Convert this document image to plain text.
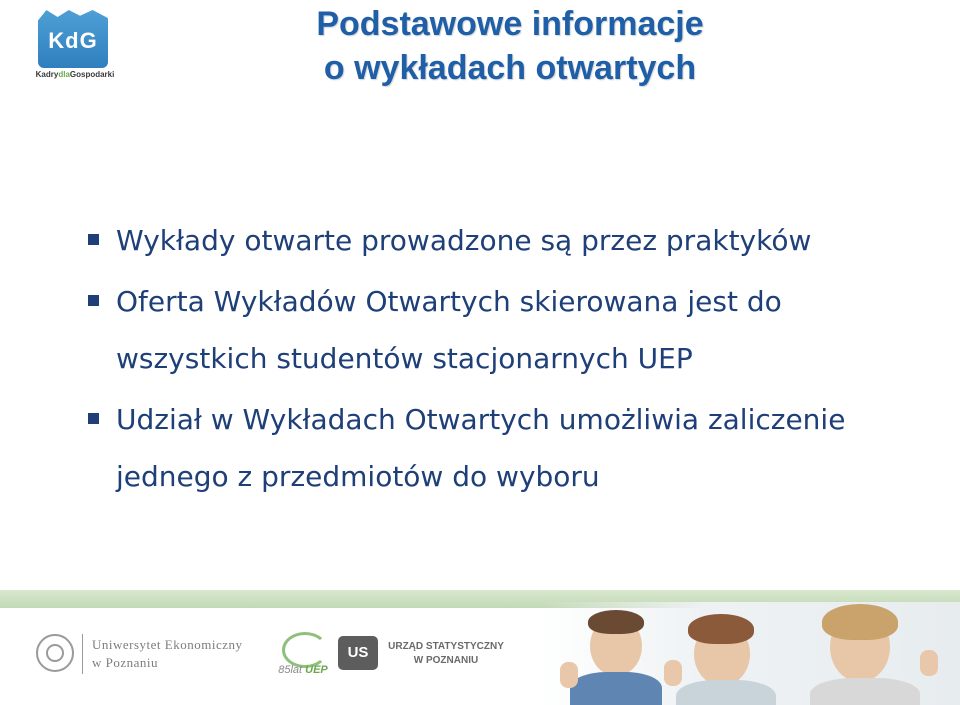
KdG
KadrydlaGospodarki
Podstawowe informacje
o wykładach otwartych
Wykłady otwarte prowadzone są przez praktyków
Oferta Wykładów Otwartych skierowana jest do wszystkich studentów stacjonarnych UEP
Udział w Wykładach Otwartych umożliwia zaliczenie jednego z przedmiotów do wyboru
Uniwersytet Ekonomiczny
w Poznaniu	85lat UEP
US	URZĄD STATYSTYCZNY
W POZNANIU
